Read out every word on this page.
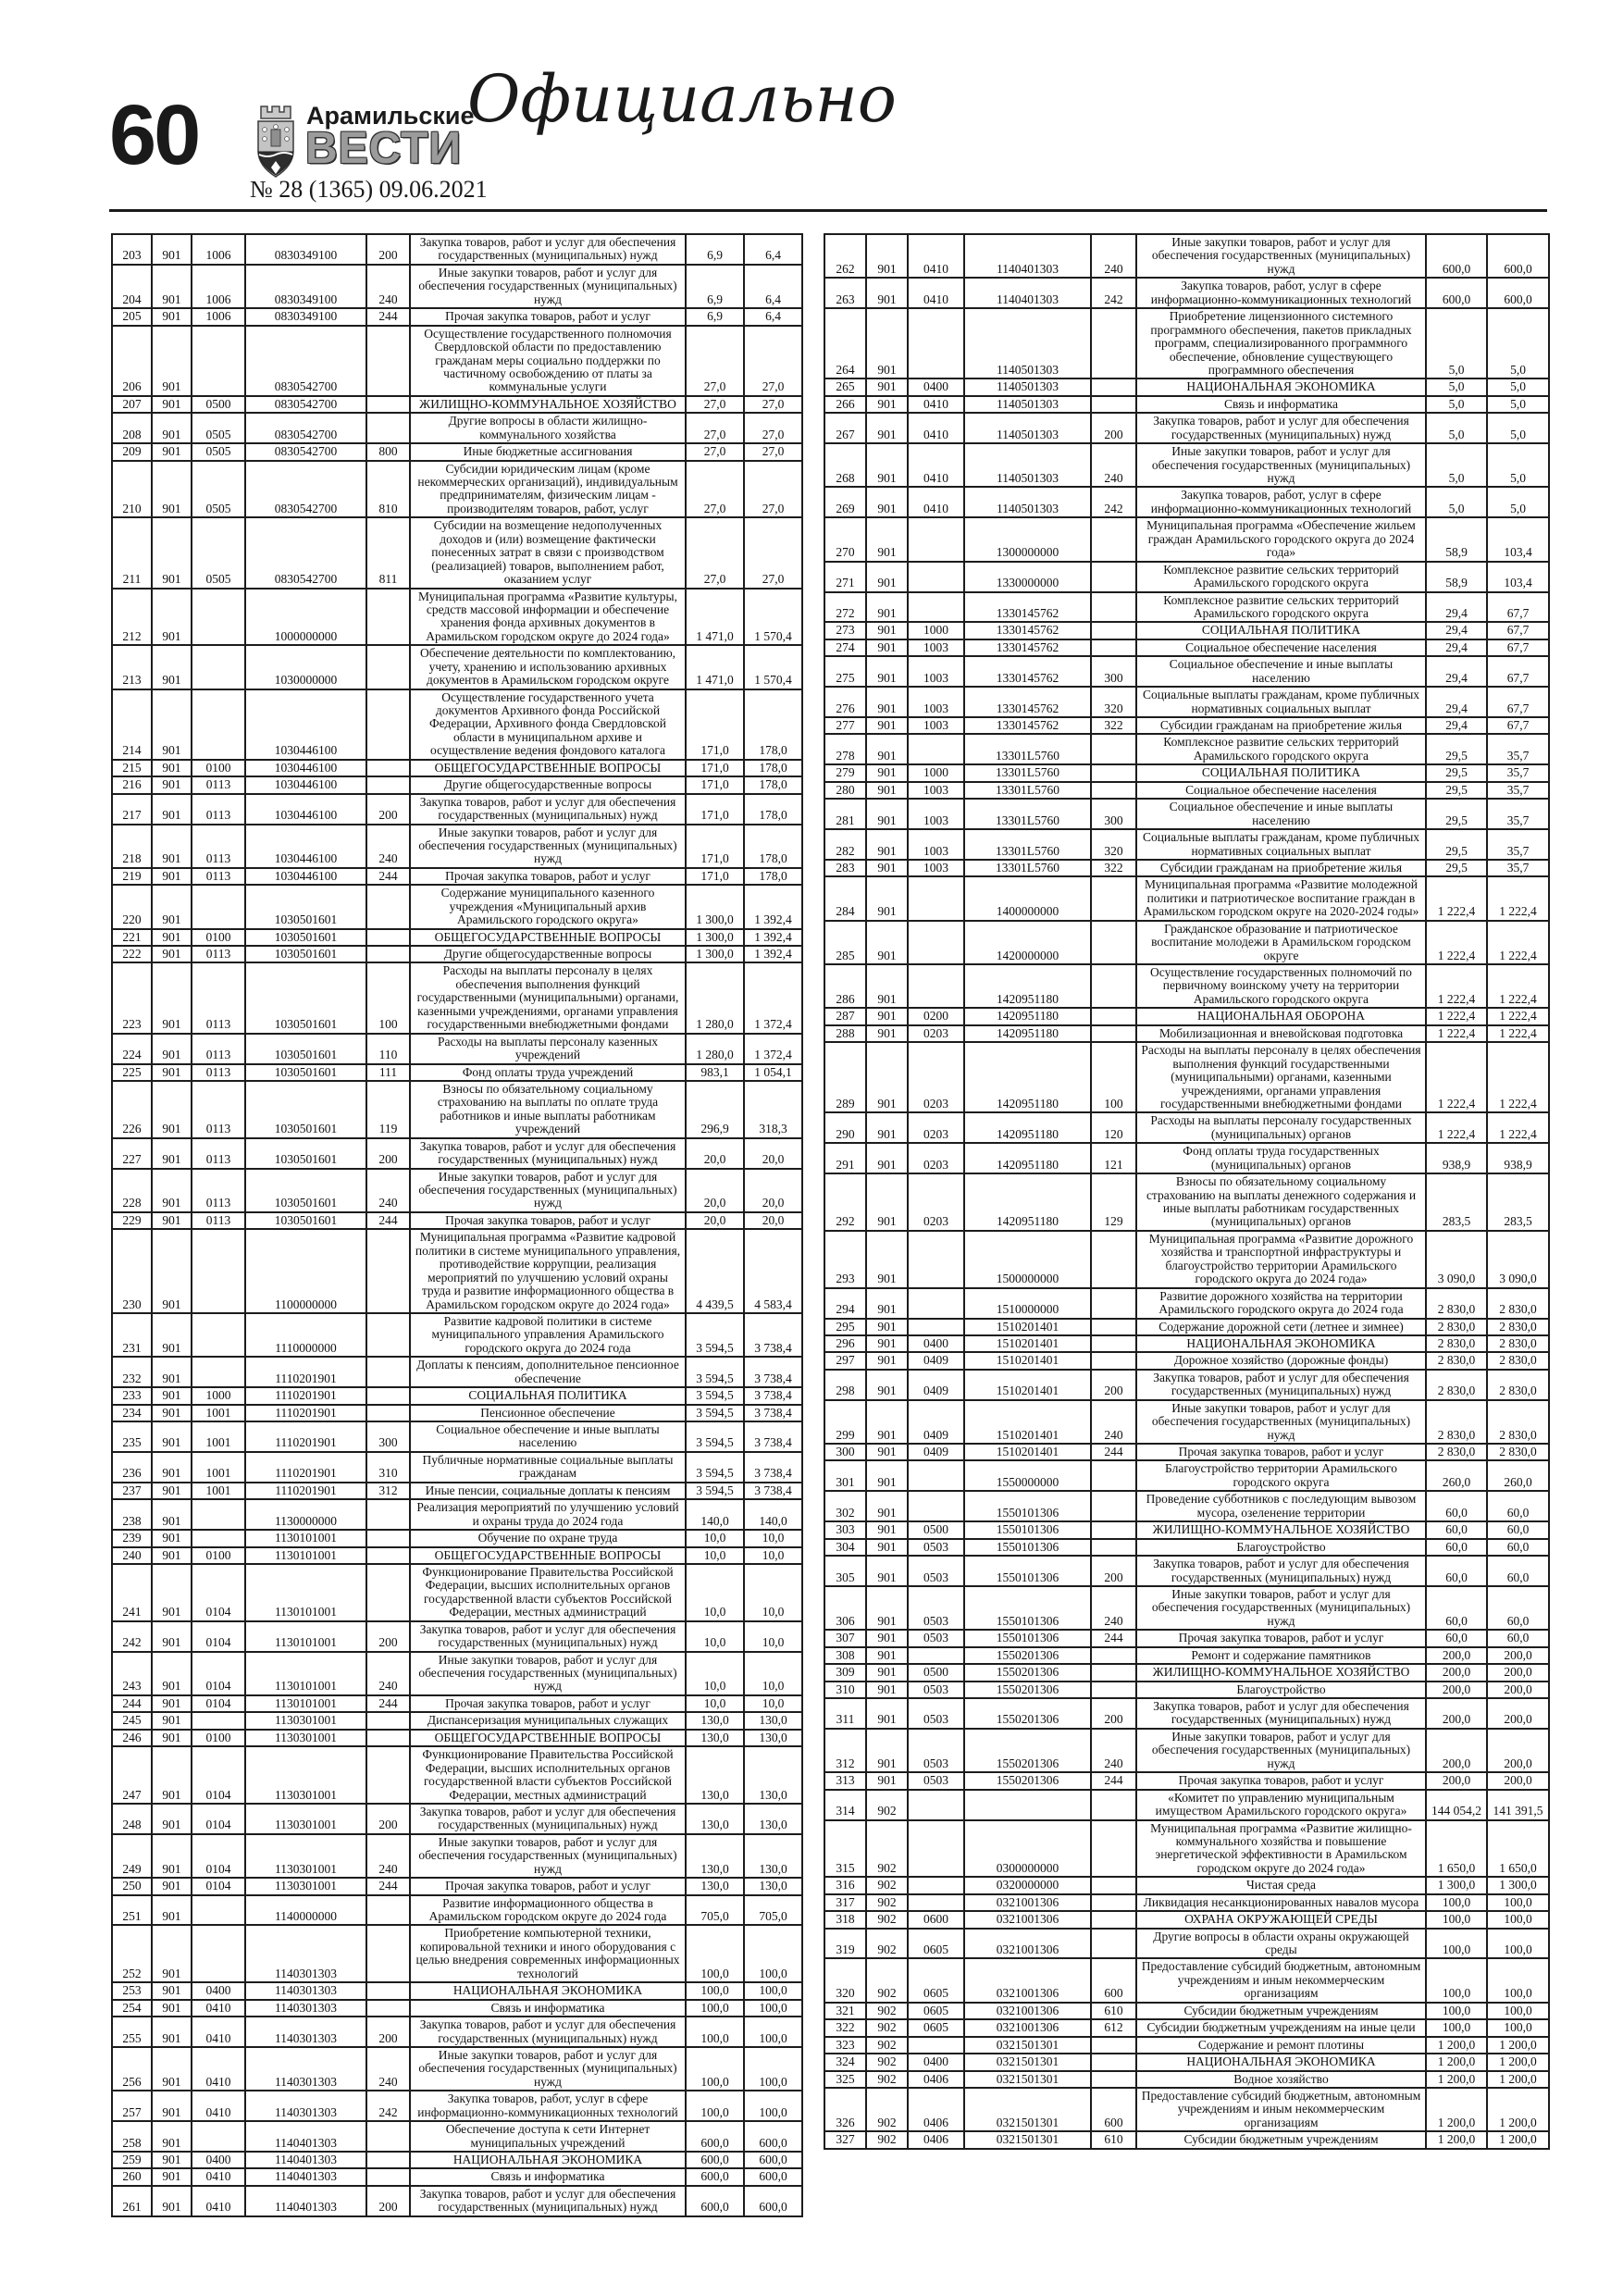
60	Арамильские
ВЕСТИ
№ 28 (1365) 09.06.2021
Официально
203	901	1006	0830349100	200	Закупка товаров, работ и услуг для обеспечения государственных (муниципальных) нужд	6,9	6,4
204	901	1006	0830349100	240	Иные закупки товаров, работ и услуг для обеспечения государственных (муниципальных) нужд	6,9	6,4
205	901	1006	0830349100	244	Прочая закупка товаров, работ и услуг	6,9	6,4
206	901		0830542700		Осуществление государственного полномочия Свердловской области по предоставлению гражданам меры социально поддержки по частичному освобождению от платы за коммунальные услуги	27,0	27,0
207	901	0500	0830542700		ЖИЛИЩНО-КОММУНАЛЬНОЕ ХОЗЯЙСТВО	27,0	27,0
208	901	0505	0830542700		Другие вопросы в области жилищно-коммунального хозяйства	27,0	27,0
209	901	0505	0830542700	800	Иные бюджетные ассигнования	27,0	27,0
210	901	0505	0830542700	810	Субсидии юридическим лицам (кроме некоммерческих организаций), индивидуальным предпринимателям, физическим лицам - производителям товаров, работ, услуг	27,0	27,0
211	901	0505	0830542700	811	Субсидии на возмещение недополученных доходов и (или) возмещение фактически понесенных затрат в связи с производством (реализацией) товаров, выполнением работ, оказанием услуг	27,0	27,0
212	901		1000000000		Муниципальная программа «Развитие культуры, средств массовой информации и обеспечение хранения фонда архивных документов в Арамильском городском округе до 2024 года»	1 471,0	1 570,4
213	901		1030000000		Обеспечение деятельности по комплектованию, учету, хранению и использованию архивных документов в Арамильском городском округе	1 471,0	1 570,4
214	901		1030446100		Осуществление государственного учета документов Архивного фонда Российской Федерации, Архивного фонда Свердловской области в муниципальном архиве и осуществление ведения фондового каталога	171,0	178,0
215	901	0100	1030446100		ОБЩЕГОСУДАРСТВЕННЫЕ ВОПРОСЫ	171,0	178,0
216	901	0113	1030446100		Другие общегосударственные вопросы	171,0	178,0
217	901	0113	1030446100	200	Закупка товаров, работ и услуг для обеспечения государственных (муниципальных) нужд	171,0	178,0
218	901	0113	1030446100	240	Иные закупки товаров, работ и услуг для обеспечения государственных (муниципальных) нужд	171,0	178,0
219	901	0113	1030446100	244	Прочая закупка товаров, работ и услуг	171,0	178,0
220	901		1030501601		Содержание муниципального казенного учреждения «Муниципальный архив Арамильского городского округа»	1 300,0	1 392,4
221	901	0100	1030501601		ОБЩЕГОСУДАРСТВЕННЫЕ ВОПРОСЫ	1 300,0	1 392,4
222	901	0113	1030501601		Другие общегосударственные вопросы	1 300,0	1 392,4
223	901	0113	1030501601	100	Расходы на выплаты персоналу в целях обеспечения выполнения функций государственными (муниципальными) органами, казенными учреждениями, органами управления государственными внебюджетными фондами	1 280,0	1 372,4
224	901	0113	1030501601	110	Расходы на выплаты персоналу казенных учреждений	1 280,0	1 372,4
225	901	0113	1030501601	111	Фонд оплаты труда учреждений	983,1	1 054,1
226	901	0113	1030501601	119	Взносы по обязательному социальному страхованию на выплаты по оплате труда работников и иные выплаты работникам учреждений	296,9	318,3
227	901	0113	1030501601	200	Закупка товаров, работ и услуг для обеспечения государственных (муниципальных) нужд	20,0	20,0
228	901	0113	1030501601	240	Иные закупки товаров, работ и услуг для обеспечения государственных (муниципальных) нужд	20,0	20,0
229	901	0113	1030501601	244	Прочая закупка товаров, работ и услуг	20,0	20,0
230	901		1100000000		Муниципальная программа «Развитие кадровой политики в системе муниципального управления, противодействие коррупции, реализация мероприятий по улучшению условий охраны труда и развитие информационного общества в Арамильском городском округе до 2024 года»	4 439,5	4 583,4
231	901		1110000000		Развитие кадровой политики в системе муниципального управления Арамильского городского округа до 2024 года	3 594,5	3 738,4
232	901		1110201901		Доплаты к пенсиям, дополнительное пенсионное обеспечение	3 594,5	3 738,4
233	901	1000	1110201901		СОЦИАЛЬНАЯ ПОЛИТИКА	3 594,5	3 738,4
234	901	1001	1110201901		Пенсионное обеспечение	3 594,5	3 738,4
235	901	1001	1110201901	300	Социальное обеспечение и иные выплаты населению	3 594,5	3 738,4
236	901	1001	1110201901	310	Публичные нормативные социальные выплаты гражданам	3 594,5	3 738,4
237	901	1001	1110201901	312	Иные пенсии, социальные доплаты к пенсиям	3 594,5	3 738,4
238	901		1130000000		Реализация мероприятий по улучшению условий и охраны труда до 2024 года	140,0	140,0
239	901		1130101001		Обучение по охране труда	10,0	10,0
240	901	0100	1130101001		ОБЩЕГОСУДАРСТВЕННЫЕ ВОПРОСЫ	10,0	10,0
241	901	0104	1130101001		Функционирование Правительства Российской Федерации, высших исполнительных органов государственной власти субъектов Российской Федерации, местных администраций	10,0	10,0
242	901	0104	1130101001	200	Закупка товаров, работ и услуг для обеспечения государственных (муниципальных) нужд	10,0	10,0
243	901	0104	1130101001	240	Иные закупки товаров, работ и услуг для обеспечения государственных (муниципальных) нужд	10,0	10,0
244	901	0104	1130101001	244	Прочая закупка товаров, работ и услуг	10,0	10,0
245	901		1130301001		Диспансеризация муниципальных служащих	130,0	130,0
246	901	0100	1130301001		ОБЩЕГОСУДАРСТВЕННЫЕ ВОПРОСЫ	130,0	130,0
247	901	0104	1130301001		Функционирование Правительства Российской Федерации, высших исполнительных органов государственной власти субъектов Российской Федерации, местных администраций	130,0	130,0
248	901	0104	1130301001	200	Закупка товаров, работ и услуг для обеспечения государственных (муниципальных) нужд	130,0	130,0
249	901	0104	1130301001	240	Иные закупки товаров, работ и услуг для обеспечения государственных (муниципальных) нужд	130,0	130,0
250	901	0104	1130301001	244	Прочая закупка товаров, работ и услуг	130,0	130,0
251	901		1140000000		Развитие информационного общества в Арамильском городском округе до 2024 года	705,0	705,0
252	901		1140301303		Приобретение компьютерной техники, копировальной техники и иного оборудования с целью внедрения современных информационных технологий	100,0	100,0
253	901	0400	1140301303		НАЦИОНАЛЬНАЯ ЭКОНОМИКА	100,0	100,0
254	901	0410	1140301303		Связь и информатика	100,0	100,0
255	901	0410	1140301303	200	Закупка товаров, работ и услуг для обеспечения государственных (муниципальных) нужд	100,0	100,0
256	901	0410	1140301303	240	Иные закупки товаров, работ и услуг для обеспечения государственных (муниципальных) нужд	100,0	100,0
257	901	0410	1140301303	242	Закупка товаров, работ, услуг в сфере информационно-коммуникационных технологий	100,0	100,0
258	901		1140401303		Обеспечение доступа к сети Интернет муниципальных учреждений	600,0	600,0
259	901	0400	1140401303		НАЦИОНАЛЬНАЯ ЭКОНОМИКА	600,0	600,0
260	901	0410	1140401303		Связь и информатика	600,0	600,0
261	901	0410	1140401303	200	Закупка товаров, работ и услуг для обеспечения государственных (муниципальных) нужд	600,0	600,0
262	901	0410	1140401303	240	Иные закупки товаров, работ и услуг для обеспечения государственных (муниципальных) нужд	600,0	600,0
263	901	0410	1140401303	242	Закупка товаров, работ, услуг в сфере информационно-коммуникационных технологий	600,0	600,0
264	901		1140501303		Приобретение лицензионного системного программного обеспечения, пакетов прикладных программ, специализированного программного обеспечение, обновление существующего программного обеспечения	5,0	5,0
265	901	0400	1140501303		НАЦИОНАЛЬНАЯ ЭКОНОМИКА	5,0	5,0
266	901	0410	1140501303		Связь и информатика	5,0	5,0
267	901	0410	1140501303	200	Закупка товаров, работ и услуг для обеспечения государственных (муниципальных) нужд	5,0	5,0
268	901	0410	1140501303	240	Иные закупки товаров, работ и услуг для обеспечения государственных (муниципальных) нужд	5,0	5,0
269	901	0410	1140501303	242	Закупка товаров, работ, услуг в сфере информационно-коммуникационных технологий	5,0	5,0
270	901		1300000000		Муниципальная программа «Обеспечение жильем граждан Арамильского городского округа до 2024 года»	58,9	103,4
271	901		1330000000		Комплексное развитие сельских территорий Арамильского городского округа	58,9	103,4
272	901		1330145762		Комплексное развитие сельских территорий Арамильского городского округа	29,4	67,7
273	901	1000	1330145762		СОЦИАЛЬНАЯ ПОЛИТИКА	29,4	67,7
274	901	1003	1330145762		Социальное обеспечение населения	29,4	67,7
275	901	1003	1330145762	300	Социальное обеспечение и иные выплаты населению	29,4	67,7
276	901	1003	1330145762	320	Социальные выплаты гражданам, кроме публичных нормативных социальных выплат	29,4	67,7
277	901	1003	1330145762	322	Субсидии гражданам на приобретение жилья	29,4	67,7
278	901		13301L5760		Комплексное развитие сельских территорий Арамильского городского округа	29,5	35,7
279	901	1000	13301L5760		СОЦИАЛЬНАЯ ПОЛИТИКА	29,5	35,7
280	901	1003	13301L5760		Социальное обеспечение населения	29,5	35,7
281	901	1003	13301L5760	300	Социальное обеспечение и иные выплаты населению	29,5	35,7
282	901	1003	13301L5760	320	Социальные выплаты гражданам, кроме публичных нормативных социальных выплат	29,5	35,7
283	901	1003	13301L5760	322	Субсидии гражданам на приобретение жилья	29,5	35,7
284	901		1400000000		Муниципальная программа «Развитие молодежной политики и патриотическое воспитание граждан в Арамильском городском округе на 2020-2024 годы»	1 222,4	1 222,4
285	901		1420000000		Гражданское образование и патриотическое воспитание молодежи в Арамильском городском округе	1 222,4	1 222,4
286	901		1420951180		Осуществление государственных полномочий по первичному воинскому учету на территории Арамильского городского округа	1 222,4	1 222,4
287	901	0200	1420951180		НАЦИОНАЛЬНАЯ ОБОРОНА	1 222,4	1 222,4
288	901	0203	1420951180		Мобилизационная и вневойсковая подготовка	1 222,4	1 222,4
289	901	0203	1420951180	100	Расходы на выплаты персоналу в целях обеспечения выполнения функций государственными (муниципальными) органами, казенными учреждениями, органами управления государственными внебюджетными фондами	1 222,4	1 222,4
290	901	0203	1420951180	120	Расходы на выплаты персоналу государственных (муниципальных) органов	1 222,4	1 222,4
291	901	0203	1420951180	121	Фонд оплаты труда государственных (муниципальных) органов	938,9	938,9
292	901	0203	1420951180	129	Взносы по обязательному социальному страхованию на выплаты денежного содержания и иные выплаты работникам государственных (муниципальных) органов	283,5	283,5
293	901		1500000000		Муниципальная программа «Развитие дорожного хозяйства и транспортной инфраструктуры и благоустройство территории Арамильского городского округа до 2024 года»	3 090,0	3 090,0
294	901		1510000000		Развитие дорожного хозяйства на территории Арамильского городского округа до 2024 года	2 830,0	2 830,0
295	901		1510201401		Содержание дорожной сети (летнее и зимнее)	2 830,0	2 830,0
296	901	0400	1510201401		НАЦИОНАЛЬНАЯ ЭКОНОМИКА	2 830,0	2 830,0
297	901	0409	1510201401		Дорожное хозяйство (дорожные фонды)	2 830,0	2 830,0
298	901	0409	1510201401	200	Закупка товаров, работ и услуг для обеспечения государственных (муниципальных) нужд	2 830,0	2 830,0
299	901	0409	1510201401	240	Иные закупки товаров, работ и услуг для обеспечения государственных (муниципальных) нужд	2 830,0	2 830,0
300	901	0409	1510201401	244	Прочая закупка товаров, работ и услуг	2 830,0	2 830,0
301	901		1550000000		Благоустройство территории Арамильского городского округа	260,0	260,0
302	901		1550101306		Проведение субботников с последующим вывозом мусора, озеленение территории	60,0	60,0
303	901	0500	1550101306		ЖИЛИЩНО-КОММУНАЛЬНОЕ ХОЗЯЙСТВО	60,0	60,0
304	901	0503	1550101306		Благоустройство	60,0	60,0
305	901	0503	1550101306	200	Закупка товаров, работ и услуг для обеспечения государственных (муниципальных) нужд	60,0	60,0
306	901	0503	1550101306	240	Иные закупки товаров, работ и услуг для обеспечения государственных (муниципальных) нужд	60,0	60,0
307	901	0503	1550101306	244	Прочая закупка товаров, работ и услуг	60,0	60,0
308	901		1550201306		Ремонт и содержание памятников	200,0	200,0
309	901	0500	1550201306		ЖИЛИЩНО-КОММУНАЛЬНОЕ ХОЗЯЙСТВО	200,0	200,0
310	901	0503	1550201306		Благоустройство	200,0	200,0
311	901	0503	1550201306	200	Закупка товаров, работ и услуг для обеспечения государственных (муниципальных) нужд	200,0	200,0
312	901	0503	1550201306	240	Иные закупки товаров, работ и услуг для обеспечения государственных (муниципальных) нужд	200,0	200,0
313	901	0503	1550201306	244	Прочая закупка товаров, работ и услуг	200,0	200,0
314	902				«Комитет по управлению муниципальным имуществом Арамильского городского округа»	144 054,2	141 391,5
315	902		0300000000		Муниципальная программа «Развитие жилищно-коммунального хозяйства и повышение энергетической эффективности в Арамильском городском округе до 2024 года»	1 650,0	1 650,0
316	902		0320000000		Чистая среда	1 300,0	1 300,0
317	902		0321001306		Ликвидация несанкционированных навалов мусора	100,0	100,0
318	902	0600	0321001306		ОХРАНА ОКРУЖАЮЩЕЙ СРЕДЫ	100,0	100,0
319	902	0605	0321001306		Другие вопросы в области охраны окружающей среды	100,0	100,0
320	902	0605	0321001306	600	Предоставление субсидий бюджетным, автономным учреждениям и иным некоммерческим организациям	100,0	100,0
321	902	0605	0321001306	610	Субсидии бюджетным учреждениям	100,0	100,0
322	902	0605	0321001306	612	Субсидии бюджетным учреждениям на иные цели	100,0	100,0
323	902		0321501301		Содержание и ремонт плотины	1 200,0	1 200,0
324	902	0400	0321501301		НАЦИОНАЛЬНАЯ ЭКОНОМИКА	1 200,0	1 200,0
325	902	0406	0321501301		Водное хозяйство	1 200,0	1 200,0
326	902	0406	0321501301	600	Предоставление субсидий бюджетным, автономным учреждениям и иным некоммерческим организациям	1 200,0	1 200,0
327	902	0406	0321501301	610	Субсидии бюджетным учреждениям	1 200,0	1 200,0
